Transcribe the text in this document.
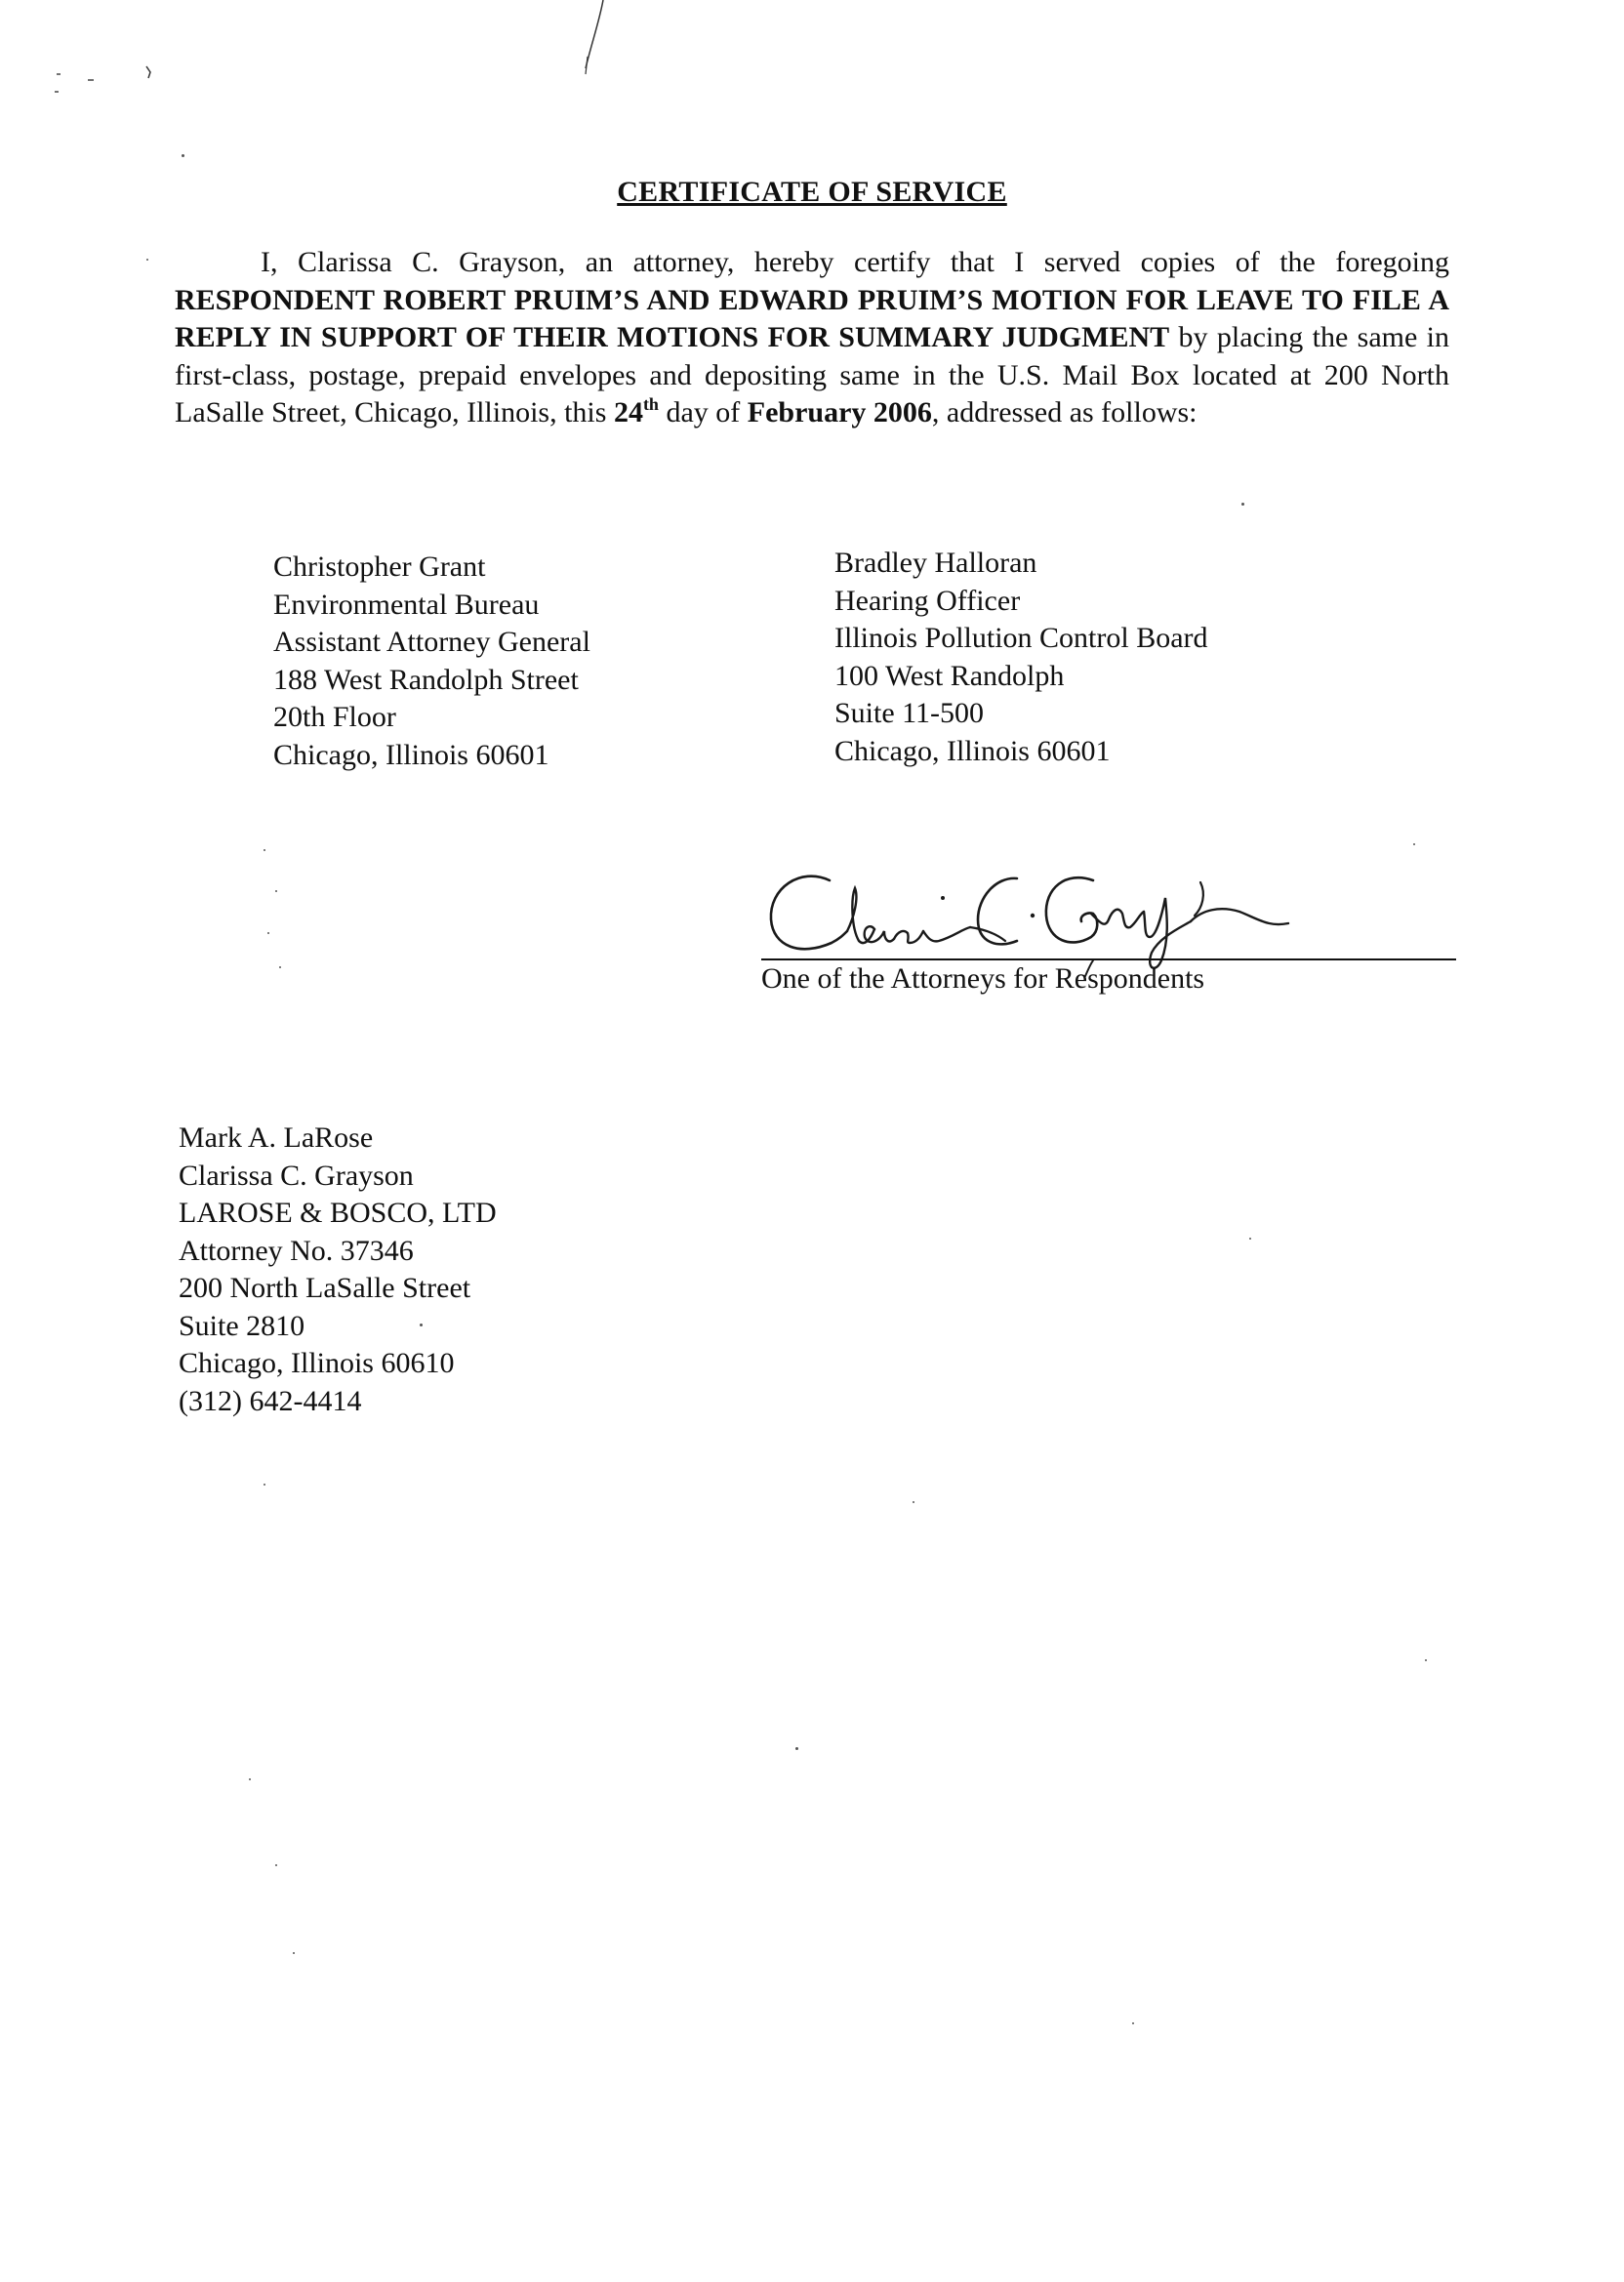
CERTIFICATE OF SERVICE
I, Clarissa C. Grayson, an attorney, hereby certify that I served copies of the foregoing RESPONDENT ROBERT PRUIM’S AND EDWARD PRUIM’S MOTION FOR LEAVE TO FILE A REPLY IN SUPPORT OF THEIR MOTIONS FOR SUMMARY JUDGMENT by placing the same in first-class, postage, prepaid envelopes and depositing same in the U.S. Mail Box located at 200 North LaSalle Street, Chicago, Illinois, this 24th day of February 2006, addressed as follows:
Christopher Grant
Environmental Bureau
Assistant Attorney General
188 West Randolph Street
20th Floor
Chicago, Illinois 60601
Bradley Halloran
Hearing Officer
Illinois Pollution Control Board
100 West Randolph
Suite 11-500
Chicago, Illinois 60601
One of the Attorneys for Respondents
Mark A. LaRose
Clarissa C. Grayson
LAROSE & BOSCO, LTD
Attorney No. 37346
200 North LaSalle Street
Suite 2810
Chicago, Illinois 60610
(312) 642-4414
